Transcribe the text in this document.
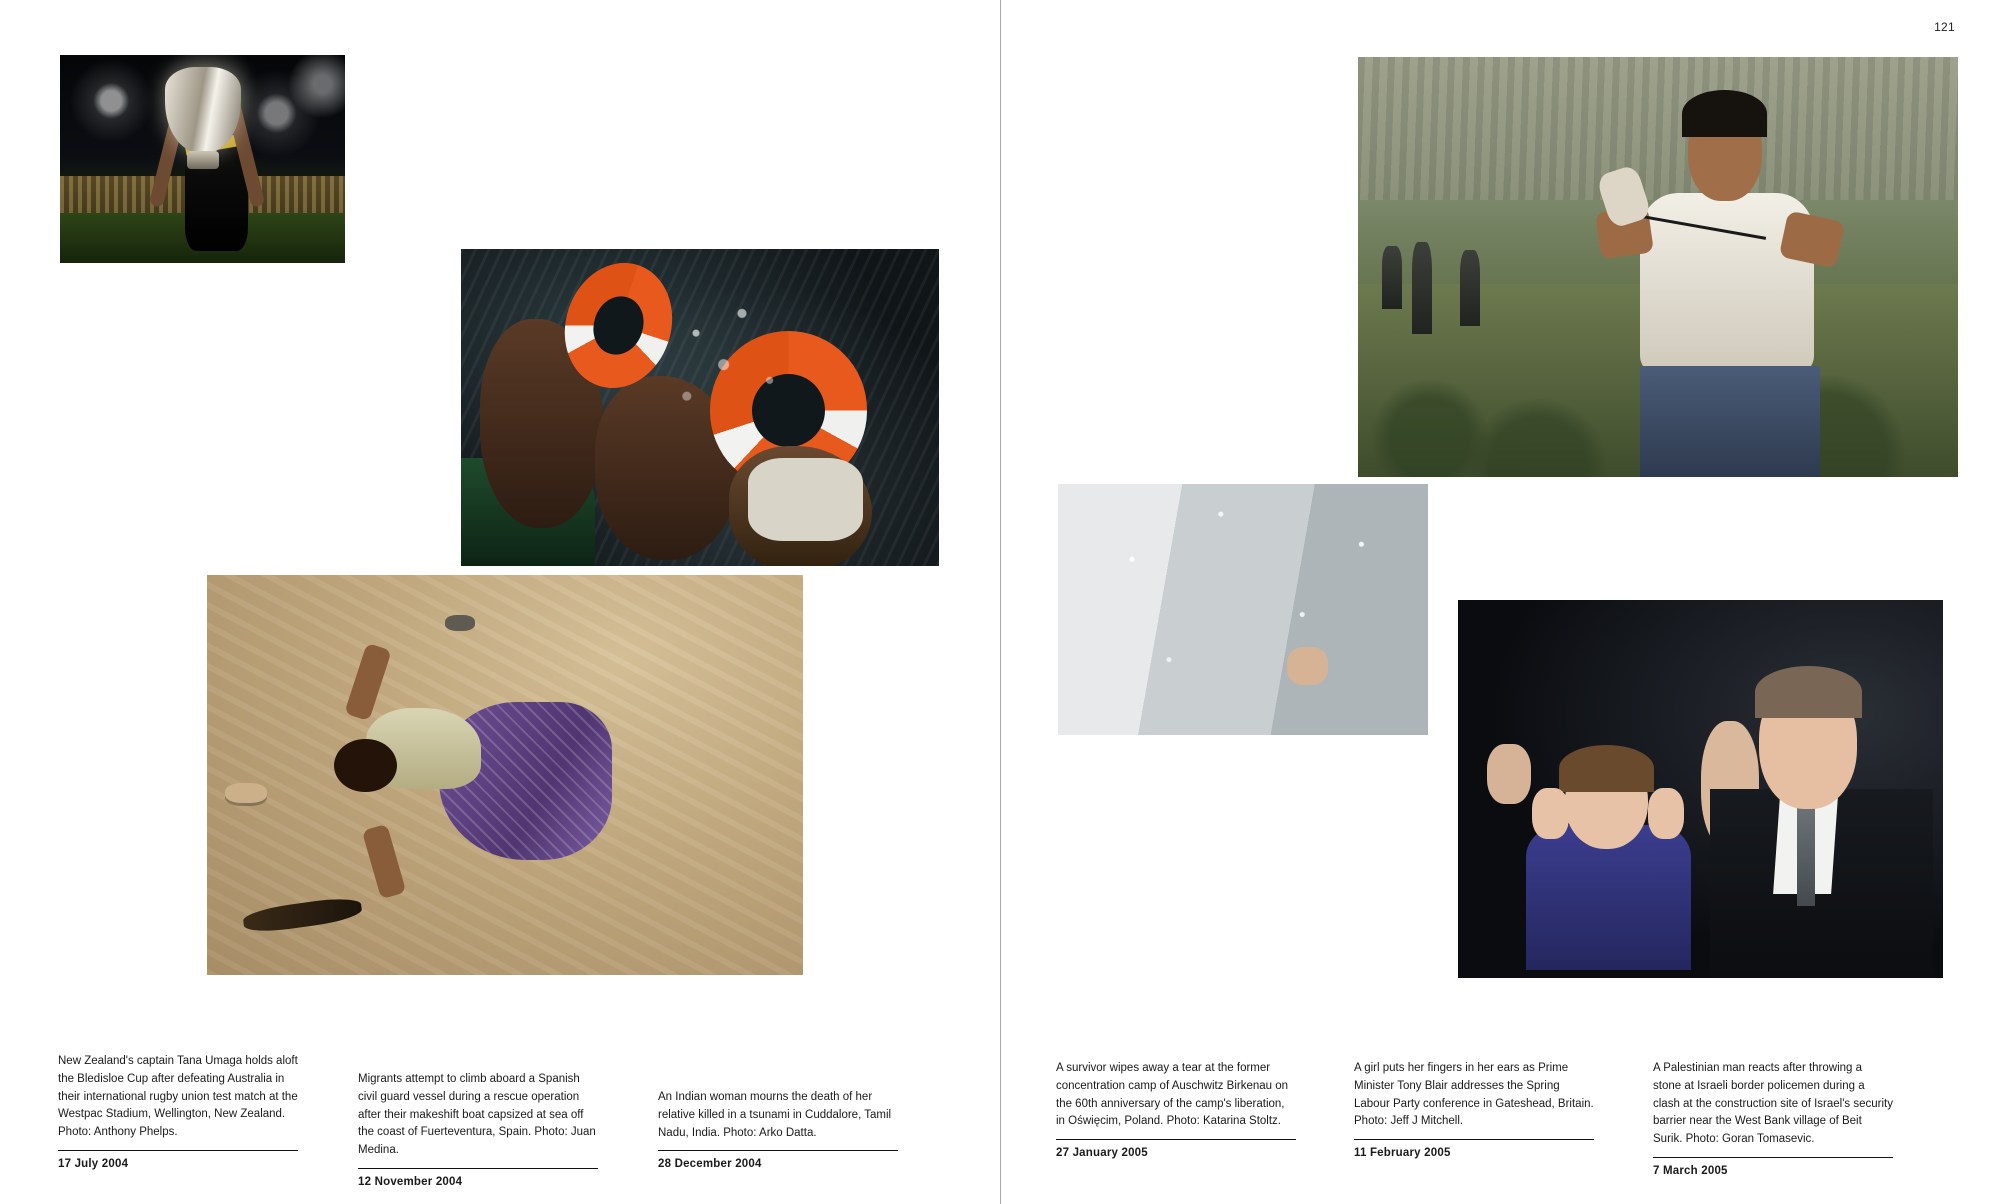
New Zealand's captain Tana Umaga holds aloft the Bledisloe Cup after defeating Australia in their international rugby union test match at the Westpac Stadium, Wellington, New Zealand. Photo: Anthony Phelps.
17 July 2004
Migrants attempt to climb aboard a Spanish civil guard vessel during a rescue operation after their makeshift boat capsized at sea off the coast of Fuerteventura, Spain. Photo: Juan Medina.
12 November 2004
An Indian woman mourns the death of her relative killed in a tsunami in Cuddalore, Tamil Nadu, India. Photo: Arko Datta.
28 December 2004
121
A survivor wipes away a tear at the former concentration camp of Auschwitz Birkenau on the 60th anniversary of the camp's liberation, in Oświęcim, Poland. Photo: Katarina Stoltz.
27 January 2005
A girl puts her fingers in her ears as Prime Minister Tony Blair addresses the Spring Labour Party conference in Gateshead, Britain. Photo: Jeff J Mitchell.
11 February 2005
A Palestinian man reacts after throwing a stone at Israeli border policemen during a clash at the construction site of Israel's security barrier near the West Bank village of Beit Surik. Photo: Goran Tomasevic.
7 March 2005
